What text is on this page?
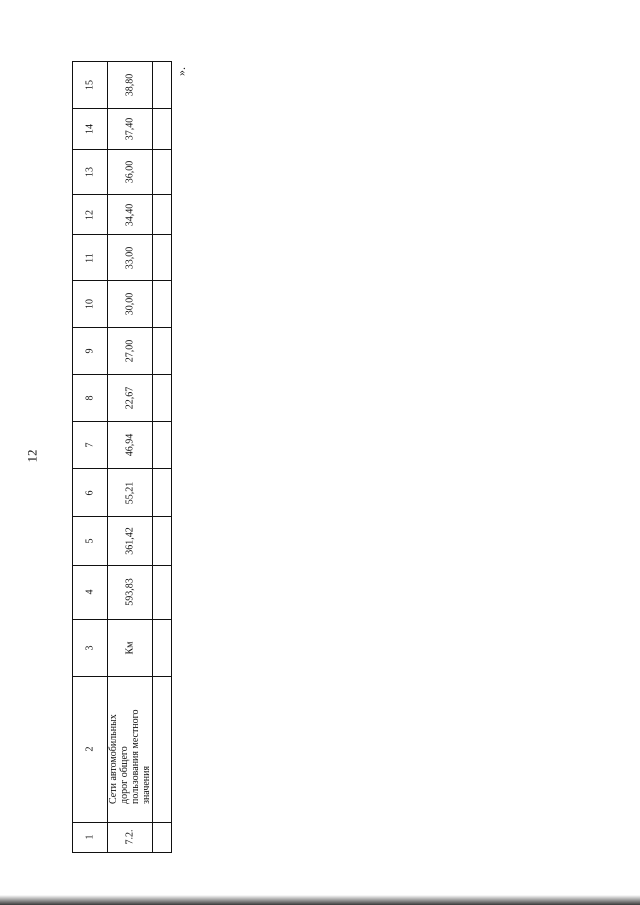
12
15	38,80	

14	37,40	

13	36,00	

12	34,40	

11	33,00	

10	30,00	

9	27,00	

8	22,67	

7	46,94	

6	55,21	

5	361,42	

4	593,83	

3	Км	

2	Сети автомобильных дорог общего пользования местного значения	

1	7.2.	

».
